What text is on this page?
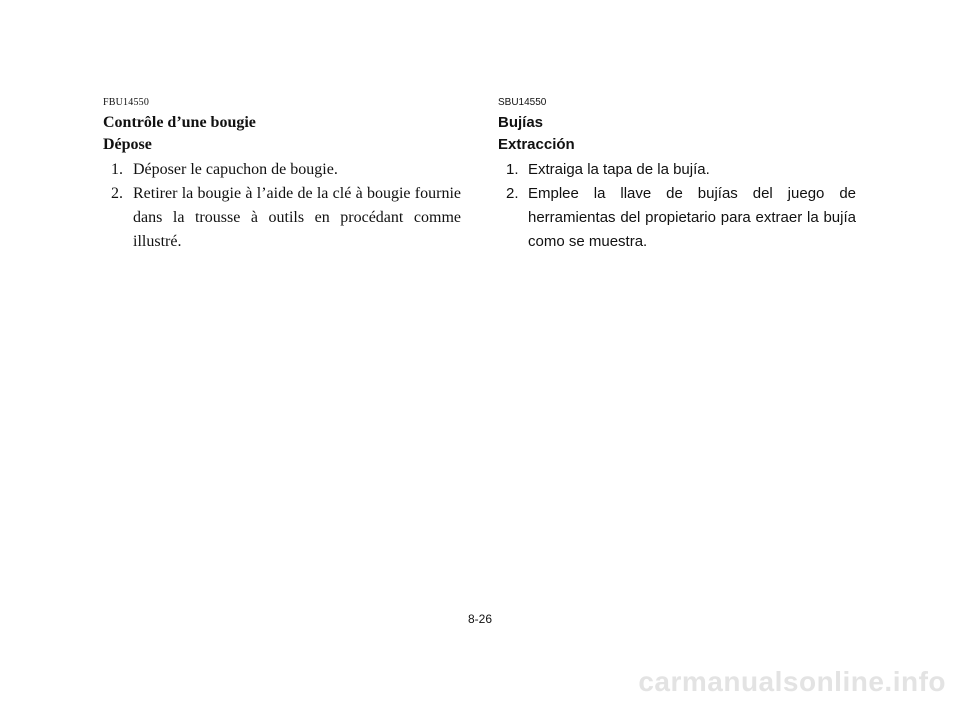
FBU14550
Contrôle d’une bougie
Dépose
1. Déposer le capuchon de bougie.
2. Retirer la bougie à l’aide de la clé à bougie fournie dans la trousse à outils en procédant comme illustré.
SBU14550
Bujías
Extracción
1. Extraiga la tapa de la bujía.
2. Emplee la llave de bujías del juego de herramientas del propietario para extraer la bujía como se muestra.
8-26
carmanualsonline.info
